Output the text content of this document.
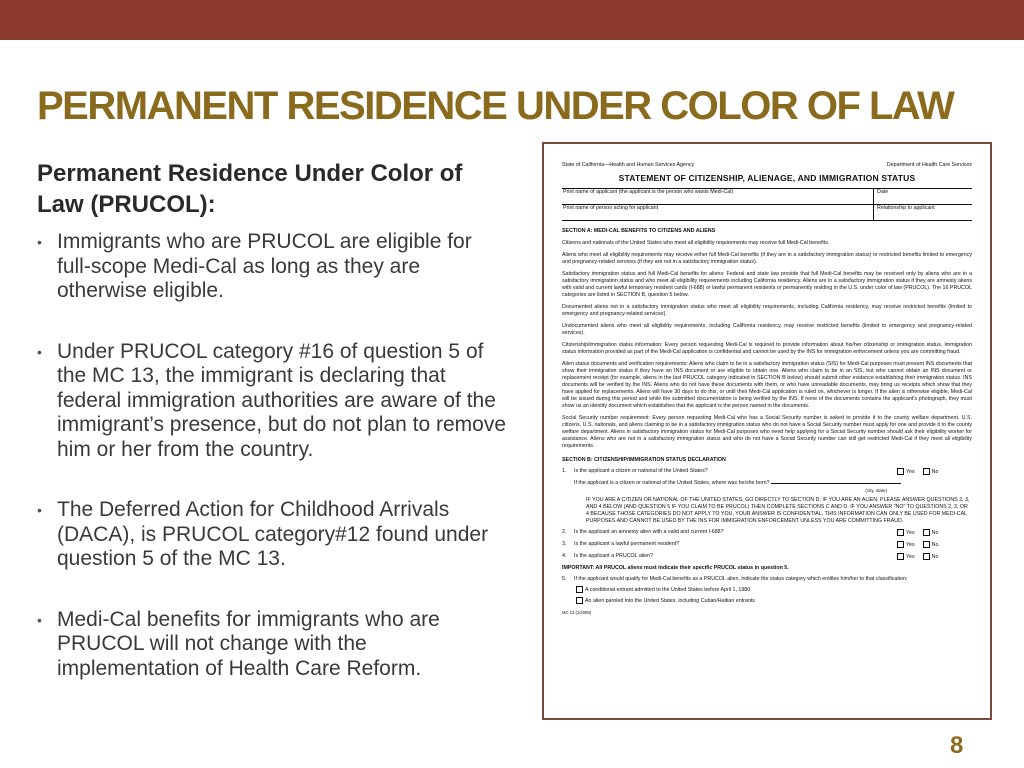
PERMANENT RESIDENCE UNDER COLOR OF LAW
Permanent Residence Under Color of Law (PRUCOL):
• Immigrants who are PRUCOL are eligible for full-scope Medi-Cal as long as they are otherwise eligible.
• Under PRUCOL category #16 of question 5 of the MC 13, the immigrant is declaring that federal immigration authorities are aware of the immigrant’s presence, but do not plan to remove him or her from the country.
• The Deferred Action for Childhood Arrivals (DACA), is PRUCOL category#12 found under question 5 of the MC 13.
• Medi-Cal benefits for immigrants who are PRUCOL will not change with the implementation of Health Care Reform.
State of California—Health and Human Services Agency	Department of Health Care Services
STATEMENT OF CITIZENSHIP, ALIENAGE, AND IMMIGRATION STATUS
Print name of applicant (the applicant is the person who wants Medi-Cal)	Date
Print name of person acting for applicant	Relationship to applicant
SECTION A: MEDI-CAL BENEFITS TO CITIZENS AND ALIENS
Citizens and nationals of the United States who meet all eligibility requirements may receive full Medi-Cal benefits.
Aliens who meet all eligibility requirements may receive either full Medi-Cal benefits (if they are in a satisfactory immigration status) or restricted benefits limited to emergency and pregnancy-related services (if they are not in a satisfactory immigration status).
Satisfactory immigration status and full Medi-Cal benefits for aliens: Federal and state law provide that full Medi-Cal benefits may be received only by aliens who are in a satisfactory immigration status and who meet all eligibility requirements including California residency. Aliens are in a satisfactory immigration status if they are amnesty aliens with valid and current lawful temporary resident cards (I-688) or lawful permanent residents or permanently residing in the U.S. under color of law (PRUCOL). The 16 PRUCOL categories are listed in SECTION B, question 5 below.
Documented aliens not in a satisfactory immigration status who meet all eligibility requirements, including California residency, may receive restricted benefits (limited to emergency and pregnancy-related services).
Undocumented aliens who meet all eligibility requirements, including California residency, may receive restricted benefits (limited to emergency and pregnancy-related services).
Citizenship/immigration status information: Every person requesting Medi-Cal is required to provide information about his/her citizenship or immigration status. Immigration status information provided as part of the Medi-Cal application is confidential and cannot be used by the INS for immigration enforcement unless you are committing fraud.
Alien status documents and verification requirements: Aliens who claim to be in a satisfactory immigration status (SIS) for Medi-Cal purposes must present INS documents that show their immigration status if they have an INS document or are eligible to obtain one. Aliens who claim to be in an SIS, but who cannot obtain an INS document or replacement receipt (for example, aliens in the last PRUCOL category indicated in SECTION B below) should submit other evidence establishing their immigration status. INS documents will be verified by the INS. Aliens who do not have these documents with them, or who have unreadable documents, may bring us receipts which show that they have applied for replacements. Aliens will have 30 days to do this, or until their Medi-Cal application is ruled on, whichever is longer. If the alien is otherwise eligible, Medi-Cal will be issued during this period and while the submitted documentation is being verified by the INS. If none of the documents contains the applicant's photograph, they must show us an identity document which establishes that the applicant is the person named in the documents.
Social Security number requirement: Every person requesting Medi-Cal who has a Social Security number is asked to provide it to the county welfare department. U.S. citizens, U.S. nationals, and aliens claiming to be in a satisfactory immigration status who do not have a Social Security number must apply for one and provide it to the county welfare department. Aliens in satisfactory immigration status for Medi-Cal purposes who need help applying for a Social Security number should ask their eligibility worker for assistance. Aliens who are not in a satisfactory immigration status and who do not have a Social Security number can still get restricted Medi-Cal if they meet all eligibility requirements.
SECTION B: CITIZENSHIP/IMMIGRATION STATUS DECLARATION
1.	Is the applicant a citizen or national of the United States?	Yes	No
If the applicant is a citizen or national of the United States, where was he/she born?
(city, state)
IF YOU ARE A CITIZEN OR NATIONAL OF THE UNITED STATES, GO DIRECTLY TO SECTION D. IF YOU ARE AN ALIEN, PLEASE ANSWER QUESTIONS 2, 3, AND 4 BELOW (AND QUESTION 5 IF YOU CLAIM TO BE PRUCOL) THEN COMPLETE SECTIONS C AND D. IF YOU ANSWER "NO" TO QUESTIONS 2, 3, OR 4 BECAUSE THOSE CATEGORIES DO NOT APPLY TO YOU, YOUR ANSWER IS CONFIDENTIAL. THIS INFORMATION CAN ONLY BE USED FOR MEDI-CAL PURPOSES AND CANNOT BE USED BY THE INS FOR IMMIGRATION ENFORCEMENT UNLESS YOU ARE COMMITTING FRAUD.
2.	Is the applicant an amnesty alien with a valid and current I-688?	Yes	No
3.	Is the applicant a lawful permanent resident?	Yes	No
4.	Is the applicant a PRUCOL alien?	Yes	No
IMPORTANT: All PRUCOL aliens must indicate their specific PRUCOL status in question 5.
5.	If the applicant would qualify for Medi-Cal benefits as a PRUCOL alien, indicate the status category which entitles him/her to that classification:
A conditional entrant admitted to the United States before April 1, 1980
An alien paroled into the United States, including Cuban/Haitian entrants
MC 13 (1/2008)
8
